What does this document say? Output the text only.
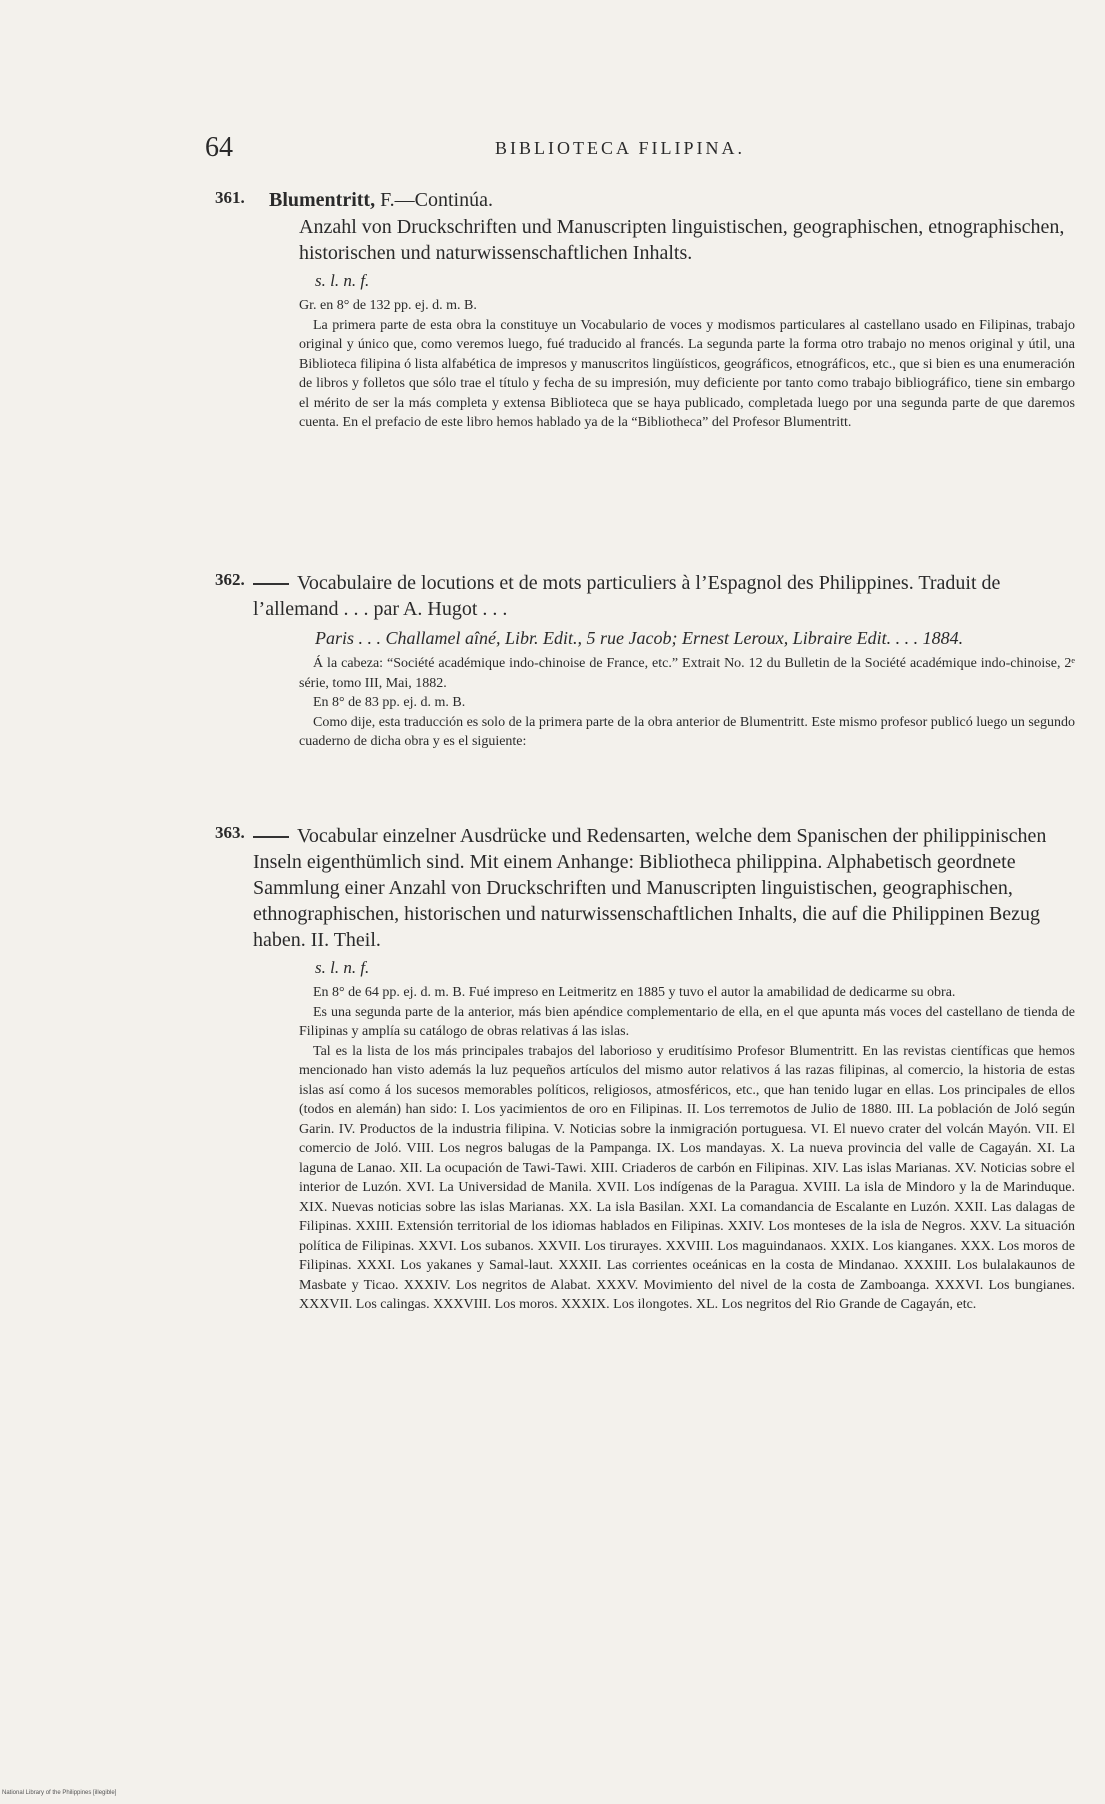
64	BIBLIOTECA FILIPINA.
361. Blumentritt, F.—Continúa.

Anzahl von Druckschriften und Manuscripten linguistischen, geographischen, etnographischen, historischen und naturwissenschaftlichen Inhalts.

s. l. n. f.

Gr. en 8° de 132 pp. ej. d. m. B.

La primera parte de esta obra la constituye un Vocabulario de voces y modismos particulares al castellano usado en Filipinas, trabajo original y único que, como veremos luego, fué traducido al francés. La segunda parte la forma otro trabajo no menos original y útil, una Biblioteca filipina ó lista alfabética de impresos y manuscritos lingüísticos, geográficos, etnográficos, etc., que si bien es una enumeración de libros y folletos que sólo trae el título y fecha de su impresión, muy deficiente por tanto como trabajo bibliográfico, tiene sin embargo el mérito de ser la más completa y extensa Biblioteca que se haya publicado, completada luego por una segunda parte de que daremos cuenta. En el prefacio de este libro hemos hablado ya de la “Bibliotheca” del Profesor Blumentritt.

362.	Vocabulaire de locutions et de mots particuliers à l’Espagnol des Philippines. Traduit de l’allemand . . . par A. Hugot . . .

Paris . . . Challamel aîné, Libr. Edit., 5 rue Jacob; Ernest Leroux, Libraire Edit. . . . 1884.

Á la cabeza: “Société académique indo-chinoise de France, etc.” Extrait No. 12 du Bulletin de la Société académique indo-chinoise, 2ᵉ série, tomo III, Mai, 1882.

En 8° de 83 pp. ej. d. m. B.

Como dije, esta traducción es solo de la primera parte de la obra anterior de Blumentritt. Este mismo profesor publicó luego un segundo cuaderno de dicha obra y es el siguiente:

363.	Vocabular einzelner Ausdrücke und Redensarten, welche dem Spanischen der philippinischen Inseln eigenthümlich sind. Mit einem Anhange: Bibliotheca philippina. Alphabetisch geordnete Sammlung einer Anzahl von Druckschriften und Manuscripten linguistischen, geographischen, ethnographischen, historischen und naturwissenschaftlichen Inhalts, die auf die Philippinen Bezug haben. II. Theil.

s. l. n. f.

En 8° de 64 pp. ej. d. m. B. Fué impreso en Leitmeritz en 1885 y tuvo el autor la amabilidad de dedicarme su obra.

Es una segunda parte de la anterior, más bien apéndice complementario de ella, en el que apunta más voces del castellano de tienda de Filipinas y amplía su catálogo de obras relativas á las islas.

Tal es la lista de los más principales trabajos del laborioso y eruditísimo Profesor Blumentritt. En las revistas científicas que hemos mencionado han visto además la luz pequeños artículos del mismo autor relativos á las razas filipinas, al comercio, la historia de estas islas así como á los sucesos memorables políticos, religiosos, atmosféricos, etc., que han tenido lugar en ellas. Los principales de ellos (todos en alemán) han sido: I. Los yacimientos de oro en Filipinas. II. Los terremotos de Julio de 1880. III. La población de Joló según Garin. IV. Productos de la industria filipina. V. Noticias sobre la inmigración portuguesa. VI. El nuevo crater del volcán Mayón. VII. El comercio de Joló. VIII. Los negros balugas de la Pampanga. IX. Los mandayas. X. La nueva provincia del valle de Cagayán. XI. La laguna de Lanao. XII. La ocupación de Tawi-Tawi. XIII. Criaderos de carbón en Filipinas. XIV. Las islas Marianas. XV. Noticias sobre el interior de Luzón. XVI. La Universidad de Manila. XVII. Los indígenas de la Paragua. XVIII. La isla de Mindoro y la de Marinduque. XIX. Nuevas noticias sobre las islas Marianas. XX. La isla Basilan. XXI. La comandancia de Escalante en Luzón. XXII. Las dalagas de Filipinas. XXIII. Extensión territorial de los idiomas hablados en Filipinas. XXIV. Los monteses de la isla de Negros. XXV. La situación política de Filipinas. XXVI. Los subanos. XXVII. Los tirurayes. XXVIII. Los maguindanaos. XXIX. Los kianganes. XXX. Los moros de Filipinas. XXXI. Los yakanes y Samal-laut. XXXII. Las corrientes oceánicas en la costa de Mindanao. XXXIII. Los bulalakaunos de Masbate y Ticao. XXXIV. Los negritos de Alabat. XXXV. Movimiento del nivel de la costa de Zamboanga. XXXVI. Los bungianes. XXXVII. Los calingas. XXXVIII. Los moros. XXXIX. Los ilongotes. XL. Los negritos del Rio Grande de Cagayán, etc.

National Library of the Philippines [illegible]
